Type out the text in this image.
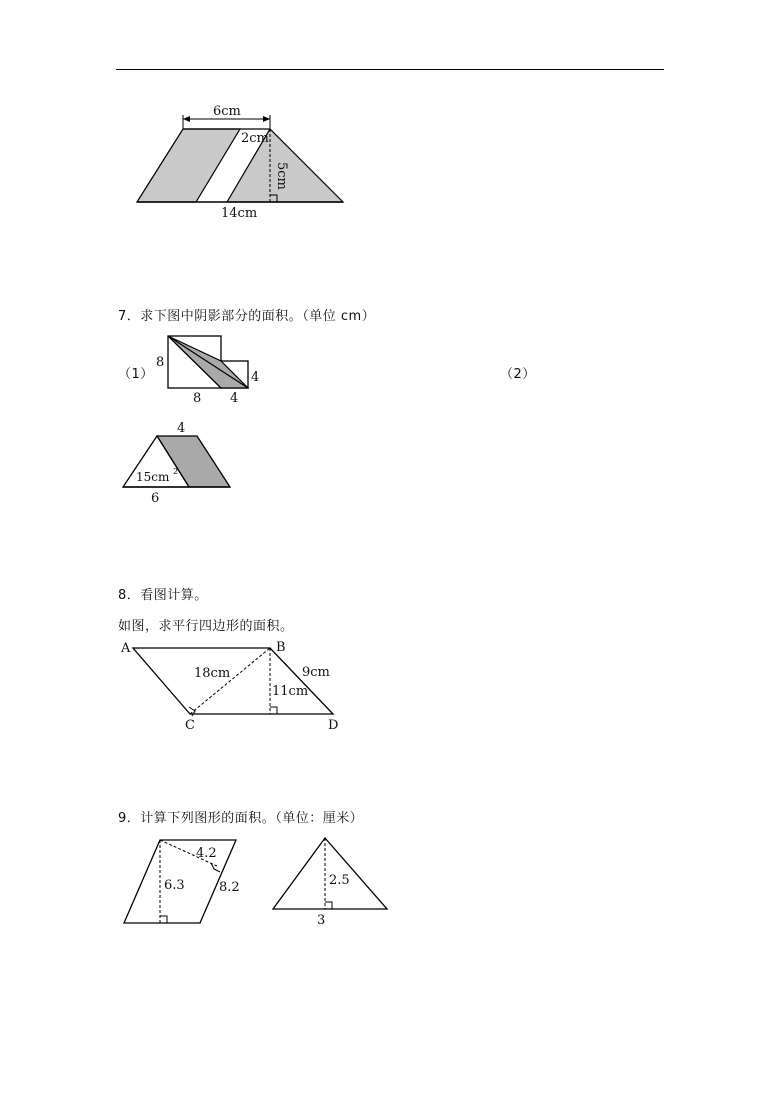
6cm
2cm
5cm
14cm
7．求下图中阴影部分的面积。（单位 cm）
（1）	（2）
8
8 4
4
4
15cm 2
6
8．看图计算。
如图，求平行四边形的面积。
A	B
C	D
18cm	9cm
11cm
9．计算下列图形的面积。（单位：厘米）
4.2
6.3	8.2	2.5
3
